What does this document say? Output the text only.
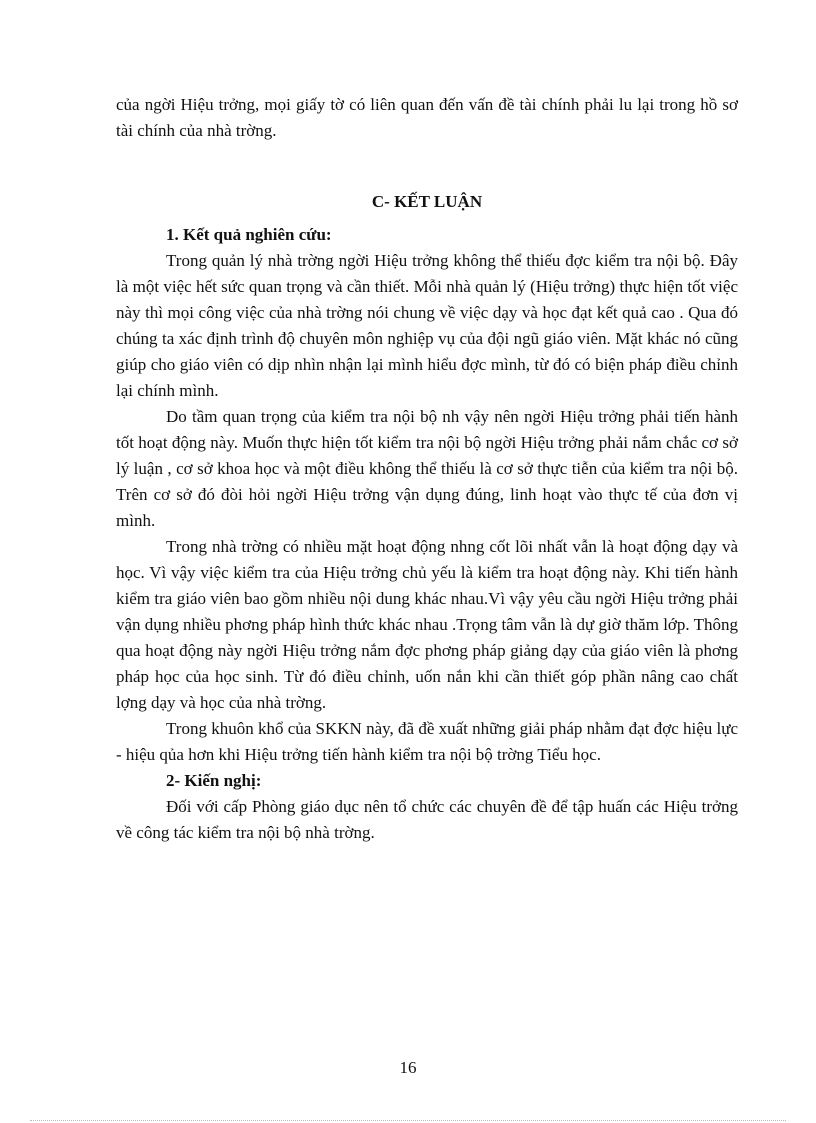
của ngời Hiệu trởng, mọi giấy tờ có liên quan đến vấn đề tài chính phải lu lại trong hồ sơ tài chính của nhà trờng.

C- KẾT LUẬN
1. Kết quả nghiên cứu:

Trong quản lý nhà trờng ngời Hiệu trởng không thể thiếu đợc kiểm tra nội bộ. Đây là một việc hết sức quan trọng và cần thiết. Mỗi nhà quản lý (Hiệu trởng) thực hiện tốt việc này thì mọi công việc của nhà trờng nói chung về việc dạy và học đạt kết quả cao . Qua đó chúng ta xác định trình độ chuyên môn nghiệp vụ của đội ngũ giáo viên. Mặt khác nó cũng giúp cho giáo viên có dịp nhìn nhận lại mình hiểu đợc mình, từ đó có biện pháp điều chỉnh lại chính mình.

Do tầm quan trọng của kiểm tra nội bộ nh vậy nên ngời Hiệu trởng phải tiến hành tốt hoạt động này. Muốn thực hiện tốt kiểm tra nội bộ ngời Hiệu trởng phải nắm chắc cơ sở lý luận , cơ sở khoa học và một điều không thể thiếu là cơ sở thực tiễn của kiểm tra nội bộ. Trên cơ sở đó đòi hỏi ngời Hiệu trởng vận dụng đúng, linh hoạt vào thực tế của đơn vị mình.

Trong nhà trờng có nhiều mặt hoạt động nhng cốt lõi nhất vẫn là hoạt động dạy và học. Vì vậy việc kiểm tra của Hiệu trởng chủ yếu là kiểm tra hoạt động này. Khi tiến hành kiểm tra giáo viên bao gồm nhiều nội dung khác nhau.Vì vậy yêu cầu ngời Hiệu trởng phải vận dụng nhiều phơng pháp hình thức khác nhau .Trọng tâm vẫn là dự giờ thăm lớp. Thông qua hoạt động này ngời Hiệu trởng nắm đợc phơng pháp giảng dạy của giáo viên là phơng pháp học của học sinh. Từ đó điều chỉnh, uốn nắn khi cần thiết góp phần nâng cao chất lợng dạy và học của nhà trờng.

Trong khuôn khổ của SKKN này, đã đề xuất những giải pháp nhằm đạt đợc hiệu lực - hiệu qủa hơn khi Hiệu trởng tiến hành kiểm tra nội bộ trờng Tiểu học.

2- Kiến nghị:

Đối với cấp Phòng giáo dục nên tổ chức các chuyên đề để tập huấn các Hiệu trởng về công tác kiểm tra nội bộ nhà trờng.

16
